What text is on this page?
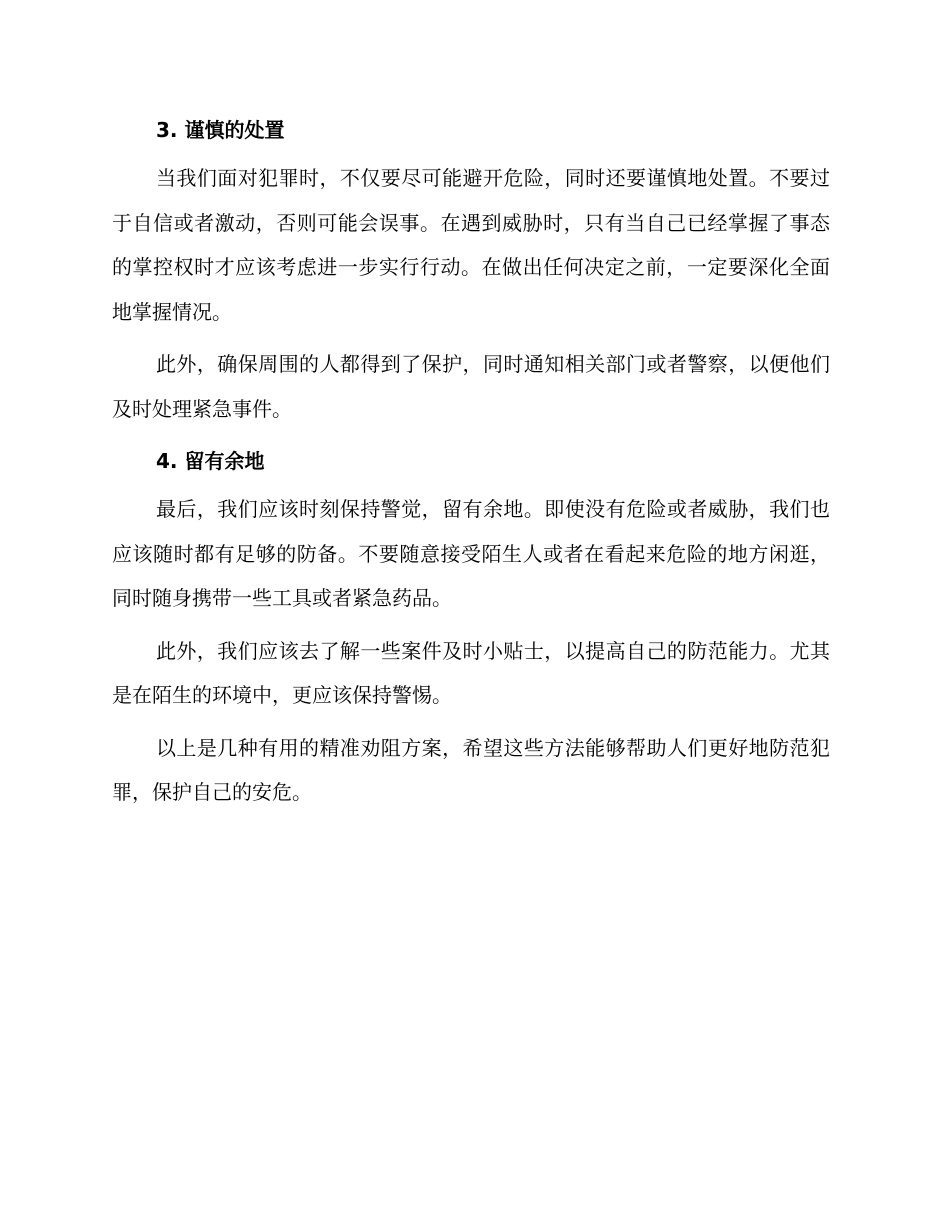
3. 谨慎的处置

当我们面对犯罪时，不仅要尽可能避开危险，同时还要谨慎地处置。不要过于自信或者激动，否则可能会误事。在遇到威胁时，只有当自己已经掌握了事态的掌控权时才应该考虑进一步实行行动。在做出任何决定之前，一定要深化全面地掌握情况。

此外，确保周围的人都得到了保护，同时通知相关部门或者警察，以便他们及时处理紧急事件。

4. 留有余地

最后，我们应该时刻保持警觉，留有余地。即使没有危险或者威胁，我们也应该随时都有足够的防备。不要随意接受陌生人或者在看起来危险的地方闲逛，同时随身携带一些工具或者紧急药品。

此外，我们应该去了解一些案件及时小贴士，以提高自己的防范能力。尤其是在陌生的环境中，更应该保持警惕。

以上是几种有用的精准劝阻方案，希望这些方法能够帮助人们更好地防范犯罪，保护自己的安危。
